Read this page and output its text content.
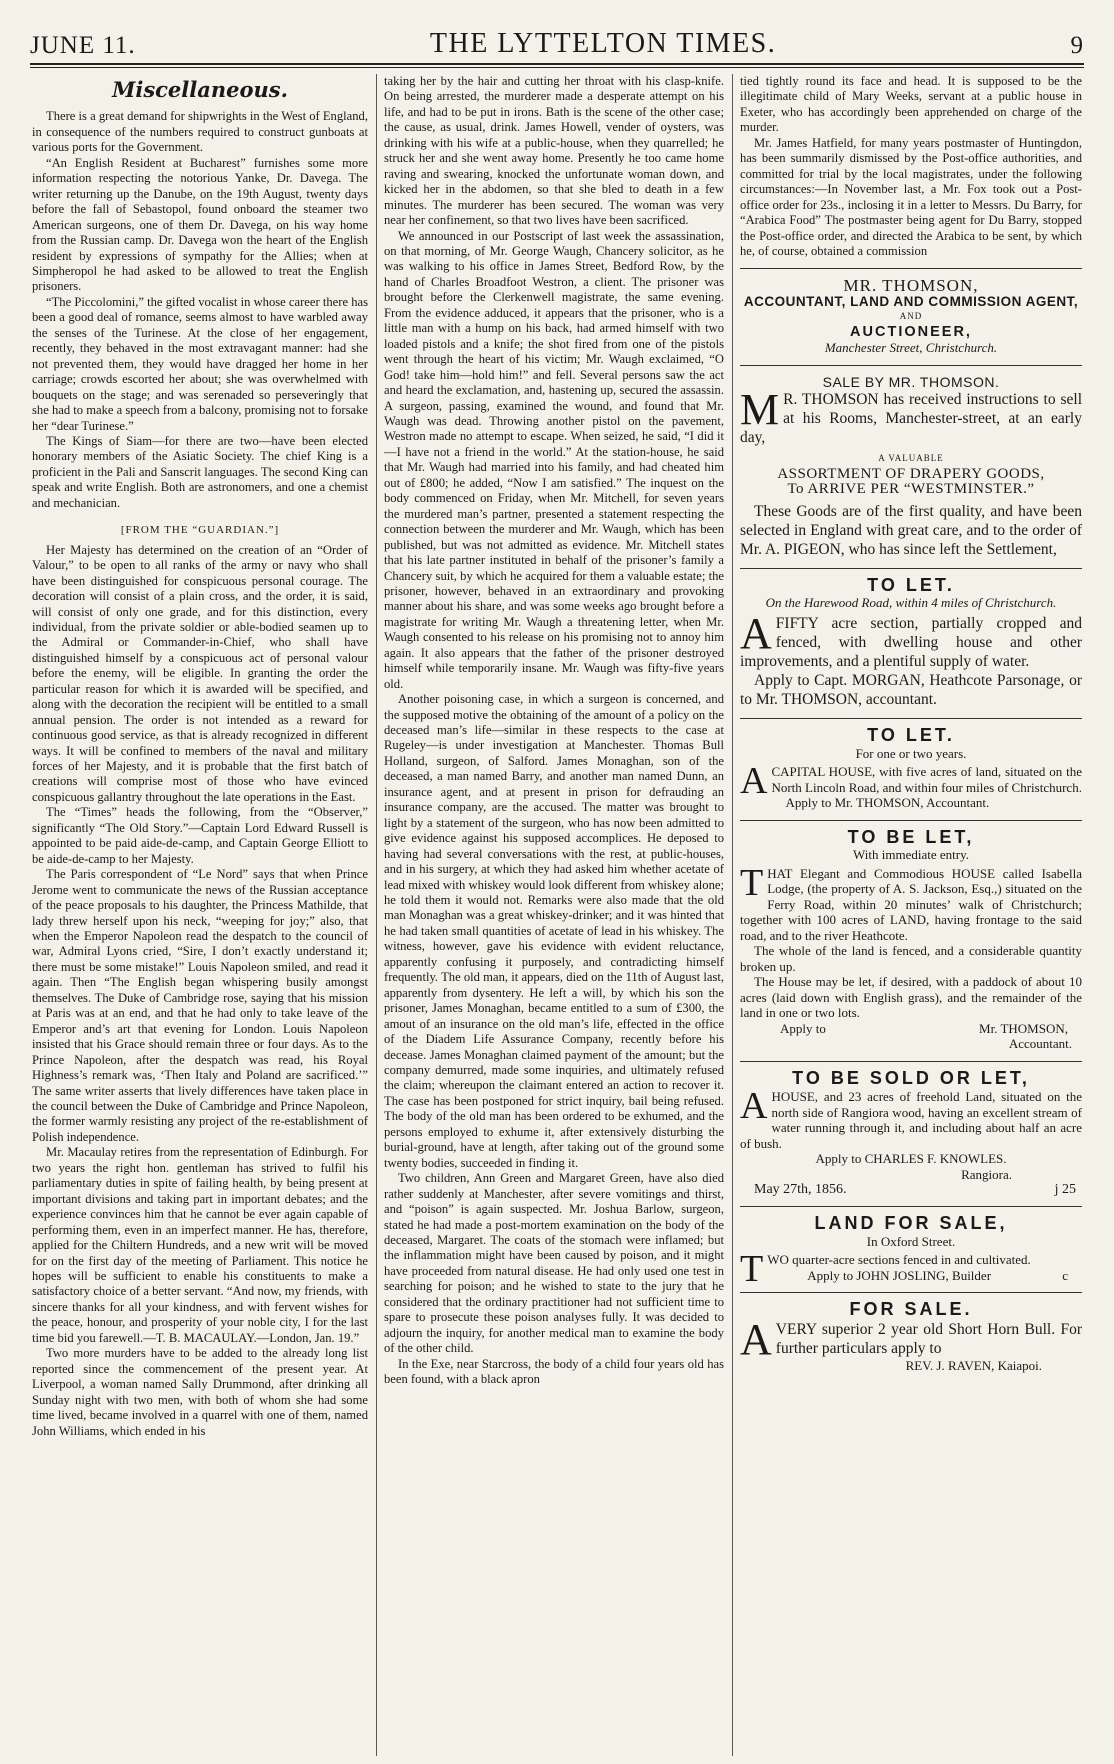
JUNE 11.	THE LYTTELTON TIMES.	9
Miscellaneous.

There is a great demand for shipwrights in the West of England, in consequence of the numbers required to construct gunboats at various ports for the Government.

“An English Resident at Bucharest” furnishes some more information respecting the notorious Yanke, Dr. Davega. The writer returning up the Danube, on the 19th August, twenty days before the fall of Sebastopol, found onboard the steamer two American surgeons, one of them Dr. Davega, on his way home from the Russian camp. Dr. Davega won the heart of the English resident by expressions of sympathy for the Allies; when at Simpheropol he had asked to be allowed to treat the English prisoners.

“The Piccolomini,” the gifted vocalist in whose career there has been a good deal of romance, seems almost to have warbled away the senses of the Turinese. At the close of her engagement, recently, they behaved in the most extravagant manner: had she not prevented them, they would have dragged her home in her carriage; crowds escorted her about; she was overwhelmed with bouquets on the stage; and was serenaded so perseveringly that she had to make a speech from a balcony, promising not to forsake her “dear Turinese.”

The Kings of Siam—for there are two—have been elected honorary members of the Asiatic Society. The chief King is a proficient in the Pali and Sanscrit languages. The second King can speak and write English. Both are astronomers, and one a chemist and mechanician.

[FROM THE “GUARDIAN.”]

Her Majesty has determined on the creation of an “Order of Valour,” to be open to all ranks of the army or navy who shall have been distinguished for conspicuous personal courage. The decoration will consist of a plain cross, and the order, it is said, will consist of only one grade, and for this distinction, every individual, from the private soldier or able-bodied seamen up to the Admiral or Commander-in-Chief, who shall have distinguished himself by a conspicuous act of personal valour before the enemy, will be eligible. In granting the order the particular reason for which it is awarded will be specified, and along with the decoration the recipient will be entitled to a small annual pension. The order is not intended as a reward for continuous good service, as that is already recognized in different ways. It will be confined to members of the naval and military forces of her Majesty, and it is probable that the first batch of creations will comprise most of those who have evinced conspicuous gallantry throughout the late operations in the East.

The “Times” heads the following, from the “Observer,” significantly “The Old Story.”—Captain Lord Edward Russell is appointed to be paid aide-de-camp, and Captain George Elliott to be aide-de-camp to her Majesty.

The Paris correspondent of “Le Nord” says that when Prince Jerome went to communicate the news of the Russian acceptance of the peace proposals to his daughter, the Princess Mathilde, that lady threw herself upon his neck, “weeping for joy;” also, that when the Emperor Napoleon read the despatch to the council of war, Admiral Lyons cried, “Sire, I don’t exactly understand it; there must be some mistake!” Louis Napoleon smiled, and read it again. Then “The English began whispering busily amongst themselves. The Duke of Cambridge rose, saying that his mission at Paris was at an end, and that he had only to take leave of the Emperor and’s art that evening for London. Louis Napoleon insisted that his Grace should remain three or four days. As to the Prince Napoleon, after the despatch was read, his Royal Highness’s remark was, ‘Then Italy and Poland are sacrificed.’” The same writer asserts that lively differences have taken place in the council between the Duke of Cambridge and Prince Napoleon, the former warmly resisting any project of the re-establishment of Polish independence.

Mr. Macaulay retires from the representation of Edinburgh. For two years the right hon. gentleman has strived to fulfil his parliamentary duties in spite of failing health, by being present at important divisions and taking part in important debates; and the experience convinces him that he cannot be ever again capable of performing them, even in an imperfect manner. He has, therefore, applied for the Chiltern Hundreds, and a new writ will be moved for on the first day of the meeting of Parliament. This notice he hopes will be sufficient to enable his constituents to make a satisfactory choice of a better servant. “And now, my friends, with sincere thanks for all your kindness, and with fervent wishes for the peace, honour, and prosperity of your noble city, I for the last time bid you farewell.—T. B. MACAULAY.—London, Jan. 19.”

Two more murders have to be added to the already long list reported since the commencement of the present year. At Liverpool, a woman named Sally Drummond, after drinking all Sunday night with two men, with both of whom she had some time lived, became involved in a quarrel with one of them, named John Williams, which ended in his

taking her by the hair and cutting her throat with his clasp-knife. On being arrested, the murderer made a desperate attempt on his life, and had to be put in irons. Bath is the scene of the other case; the cause, as usual, drink. James Howell, vender of oysters, was drinking with his wife at a public-house, when they quarrelled; he struck her and she went away home. Presently he too came home raving and swearing, knocked the unfortunate woman down, and kicked her in the abdomen, so that she bled to death in a few minutes. The murderer has been secured. The woman was very near her confinement, so that two lives have been sacrificed.

We announced in our Postscript of last week the assassination, on that morning, of Mr. George Waugh, Chancery solicitor, as he was walking to his office in James Street, Bedford Row, by the hand of Charles Broadfoot Westron, a client. The prisoner was brought before the Clerkenwell magistrate, the same evening. From the evidence adduced, it appears that the prisoner, who is a little man with a hump on his back, had armed himself with two loaded pistols and a knife; the shot fired from one of the pistols went through the heart of his victim; Mr. Waugh exclaimed, “O God! take him—hold him!” and fell. Several persons saw the act and heard the exclamation, and, hastening up, secured the assassin. A surgeon, passing, examined the wound, and found that Mr. Waugh was dead. Throwing another pistol on the pavement, Westron made no attempt to escape. When seized, he said, “I did it—I have not a friend in the world.” At the station-house, he said that Mr. Waugh had married into his family, and had cheated him out of £800; he added, “Now I am satisfied.” The inquest on the body commenced on Friday, when Mr. Mitchell, for seven years the murdered man’s partner, presented a statement respecting the connection between the murderer and Mr. Waugh, which has been published, but was not admitted as evidence. Mr. Mitchell states that his late partner instituted in behalf of the prisoner’s family a Chancery suit, by which he acquired for them a valuable estate; the prisoner, however, behaved in an extraordinary and provoking manner about his share, and was some weeks ago brought before a magistrate for writing Mr. Waugh a threatening letter, when Mr. Waugh consented to his release on his promising not to annoy him again. It also appears that the father of the prisoner destroyed himself while temporarily insane. Mr. Waugh was fifty-five years old.

Another poisoning case, in which a surgeon is concerned, and the supposed motive the obtaining of the amount of a policy on the deceased man’s life—similar in these respects to the case at Rugeley—is under investigation at Manchester. Thomas Bull Holland, surgeon, of Salford. James Monaghan, son of the deceased, a man named Barry, and another man named Dunn, an insurance agent, and at present in prison for defrauding an insurance company, are the accused. The matter was brought to light by a statement of the surgeon, who has now been admitted to give evidence against his supposed accomplices. He deposed to having had several conversations with the rest, at public-houses, and in his surgery, at which they had asked him whether acetate of lead mixed with whiskey would look different from whiskey alone; he told them it would not. Remarks were also made that the old man Monaghan was a great whiskey-drinker; and it was hinted that he had taken small quantities of acetate of lead in his whiskey. The witness, however, gave his evidence with evident reluctance, apparently confusing it purposely, and contradicting himself frequently. The old man, it appears, died on the 11th of August last, apparently from dysentery. He left a will, by which his son the prisoner, James Monaghan, became entitled to a sum of £300, the amout of an insurance on the old man’s life, effected in the office of the Diadem Life Assurance Company, recently before his decease. James Monaghan claimed payment of the amount; but the company demurred, made some inquiries, and ultimately refused the claim; whereupon the claimant entered an action to recover it. The case has been postponed for strict inquiry, bail being refused. The body of the old man has been ordered to be exhumed, and the persons employed to exhume it, after extensively disturbing the burial-ground, have at length, after taking out of the ground some twenty bodies, succeeded in finding it.

Two children, Ann Green and Margaret Green, have also died rather suddenly at Manchester, after severe vomitings and thirst, and “poison” is again suspected. Mr. Joshua Barlow, surgeon, stated he had made a post-mortem examination on the body of the deceased, Margaret. The coats of the stomach were inflamed; but the inflammation might have been caused by poison, and it might have proceeded from natural disease. He had only used one test in searching for poison; and he wished to state to the jury that he considered that the ordinary practitioner had not sufficient time to spare to prosecute these poison analyses fully. It was decided to adjourn the inquiry, for another medical man to examine the body of the other child.

In the Exe, near Starcross, the body of a child four years old has been found, with a black apron

tied tightly round its face and head. It is supposed to be the illegitimate child of Mary Weeks, servant at a public house in Exeter, who has accordingly been apprehended on charge of the murder.

Mr. James Hatfield, for many years postmaster of Huntingdon, has been summarily dismissed by the Post-office authorities, and committed for trial by the local magistrates, under the following circumstances:—In November last, a Mr. Fox took out a Post-office order for 23s., inclosing it in a letter to Messrs. Du Barry, for “Arabica Food” The postmaster being agent for Du Barry, stopped the Post-office order, and directed the Arabica to be sent, by which he, of course, obtained a commission

MR. THOMSON,
ACCOUNTANT, LAND AND COMMISSION AGENT,
AND
AUCTIONEER,
Manchester Street, Christchurch.
SALE BY MR. THOMSON.
M R. THOMSON has received instructions to sell at his Rooms, Manchester-street, at an early day,
A VALUABLE
ASSORTMENT OF DRAPERY GOODS,
To ARRIVE PER “WESTMINSTER.”
These Goods are of the first quality, and have been selected in England with great care, and to the order of Mr. A. PIGEON, who has since left the Settlement,
TO LET.
On the Harewood Road, within 4 miles of Christchurch.
A FIFTY acre section, partially cropped and fenced, with dwelling house and other improvements, and a plentiful supply of water.
Apply to Capt. MORGAN, Heathcote Parsonage, or to Mr. THOMSON, accountant.
TO LET.
For one or two years.
A CAPITAL HOUSE, with five acres of land, situated on the North Lincoln Road, and within four miles of Christchurch.
Apply to Mr. THOMSON, Accountant.
TO BE LET,
With immediate entry.
T HAT Elegant and Commodious HOUSE called Isabella Lodge, (the property of A. S. Jackson, Esq.,) situated on the Ferry Road, within 20 minutes’ walk of Christchurch; together with 100 acres of LAND, having frontage to the said road, and to the river Heathcote.
The whole of the land is fenced, and a considerable quantity broken up.
The House may be let, if desired, with a paddock of about 10 acres (laid down with English grass), and the remainder of the land in one or two lots.
Apply to	Mr. THOMSON,
Accountant.
TO BE SOLD OR LET,
A HOUSE, and 23 acres of freehold Land, situated on the north side of Rangiora wood, having an excellent stream of water running through it, and including about half an acre of bush.
Apply to CHARLES F. KNOWLES.
Rangiora.
May 27th, 1856.	j 25
LAND FOR SALE,
In Oxford Street.
T WO quarter-acre sections fenced in and cultivated.
Apply to JOHN JOSLING, Builder	c
FOR SALE.
A VERY superior 2 year old Short Horn Bull. For further particulars apply to
REV. J. RAVEN, Kaiapoi.
